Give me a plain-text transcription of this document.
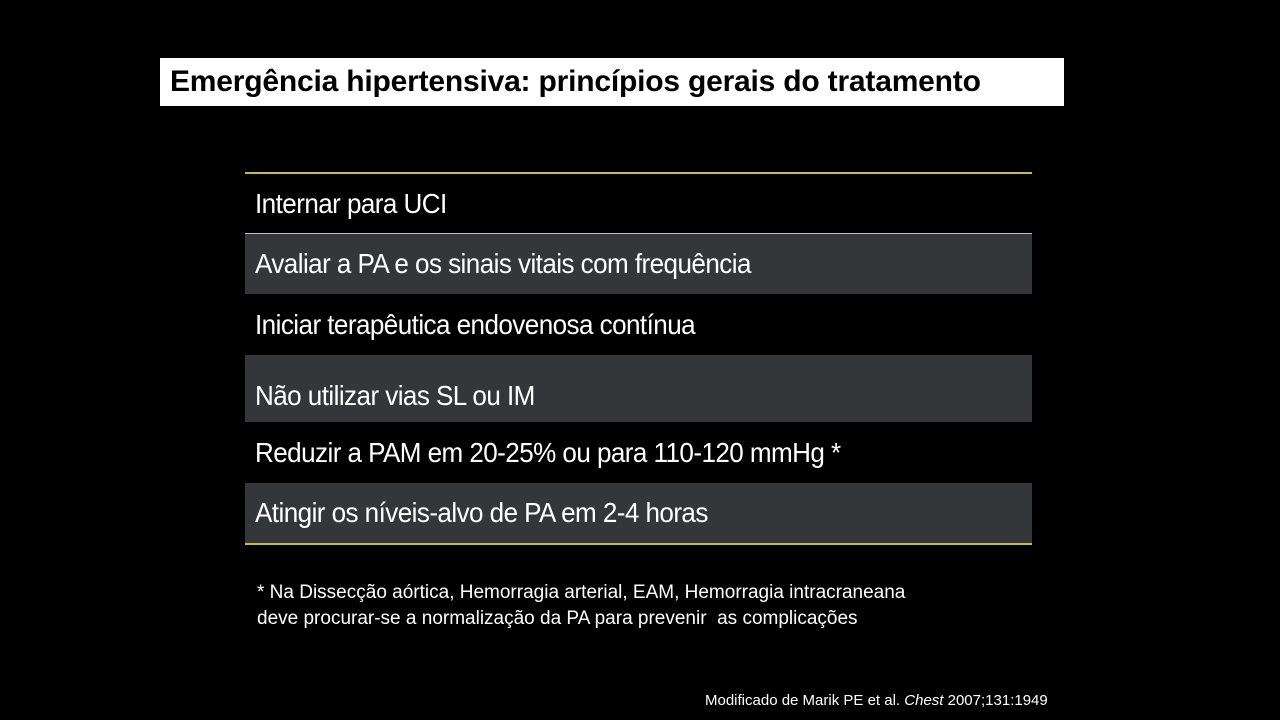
Emergência hipertensiva: princípios gerais do tratamento
Internar para UCI
Avaliar a PA e os sinais vitais com frequência
Iniciar terapêutica endovenosa contínua
Não utilizar vias SL ou IM
Reduzir a PAM em 20-25% ou para 110-120 mmHg *
Atingir os níveis-alvo de PA em 2-4 horas
* Na Dissecção aórtica, Hemorragia arterial, EAM, Hemorragia intracraneana
deve procurar-se a normalização da PA para prevenir  as complicações
Modificado de Marik PE et al. Chest 2007;131:1949
